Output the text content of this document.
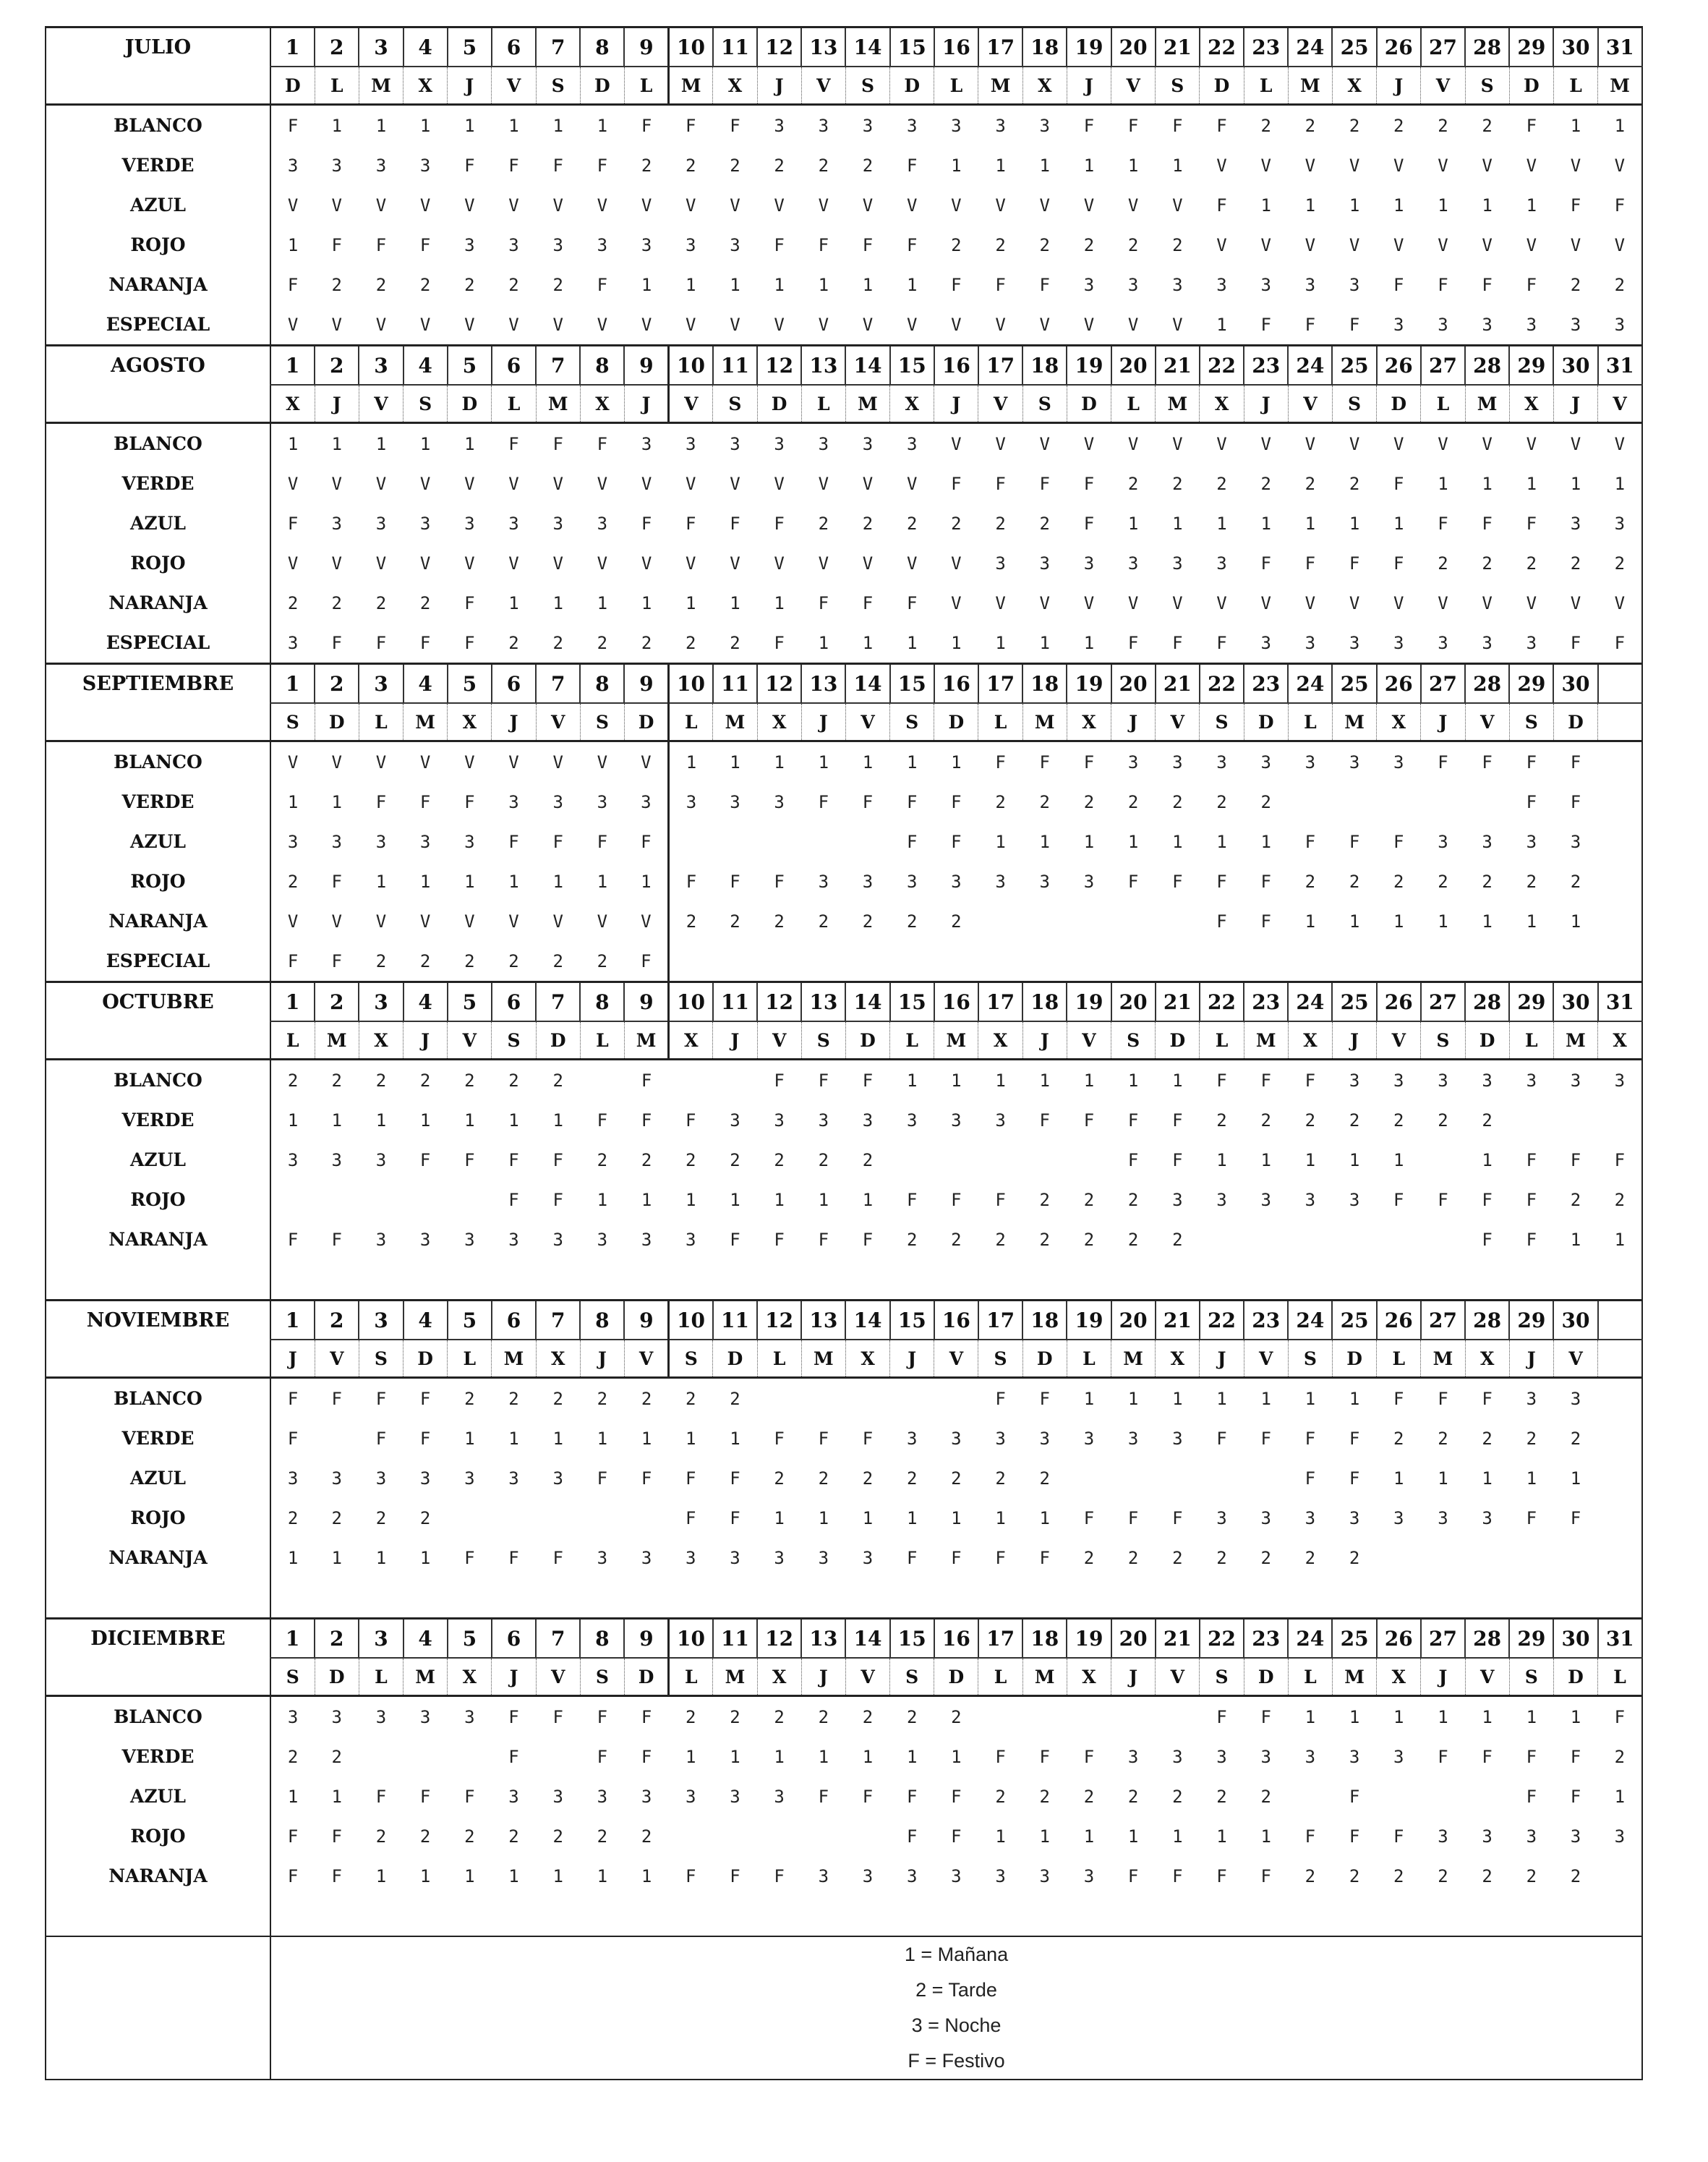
JULIO	1	2	3	4	5	6	7	8	9	10	11	12	13	14	15	16	17	18	19	20	21	22	23	24	25	26	27	28	29	30	31
	D	L	M	X	J	V	S	D	L	M	X	J	V	S	D	L	M	X	J	V	S	D	L	M	X	J	V	S	D	L	M
BLANCO	F	1	1	1	1	1	1	1	F	F	F	3	3	3	3	3	3	3	F	F	F	F	2	2	2	2	2	2	F	1	1
VERDE	3	3	3	3	F	F	F	F	2	2	2	2	2	2	F	1	1	1	1	1	1	V	V	V	V	V	V	V	V	V	V
AZUL	V	V	V	V	V	V	V	V	V	V	V	V	V	V	V	V	V	V	V	V	V	F	1	1	1	1	1	1	1	F	F
ROJO	1	F	F	F	3	3	3	3	3	3	3	F	F	F	F	2	2	2	2	2	2	V	V	V	V	V	V	V	V	V	V
NARANJA	F	2	2	2	2	2	2	F	1	1	1	1	1	1	1	F	F	F	3	3	3	3	3	3	3	F	F	F	F	2	2
ESPECIAL	V	V	V	V	V	V	V	V	V	V	V	V	V	V	V	V	V	V	V	V	V	1	F	F	F	3	3	3	3	3	3
AGOSTO	1	2	3	4	5	6	7	8	9	10	11	12	13	14	15	16	17	18	19	20	21	22	23	24	25	26	27	28	29	30	31
	X	J	V	S	D	L	M	X	J	V	S	D	L	M	X	J	V	S	D	L	M	X	J	V	S	D	L	M	X	J	V
BLANCO	1	1	1	1	1	F	F	F	3	3	3	3	3	3	3	V	V	V	V	V	V	V	V	V	V	V	V	V	V	V	V
VERDE	V	V	V	V	V	V	V	V	V	V	V	V	V	V	V	F	F	F	F	2	2	2	2	2	2	F	1	1	1	1	1
AZUL	F	3	3	3	3	3	3	3	F	F	F	F	2	2	2	2	2	2	F	1	1	1	1	1	1	1	F	F	F	3	3
ROJO	V	V	V	V	V	V	V	V	V	V	V	V	V	V	V	V	3	3	3	3	3	3	F	F	F	F	2	2	2	2	2
NARANJA	2	2	2	2	F	1	1	1	1	1	1	1	F	F	F	V	V	V	V	V	V	V	V	V	V	V	V	V	V	V	V
ESPECIAL	3	F	F	F	F	2	2	2	2	2	2	F	1	1	1	1	1	1	1	F	F	F	3	3	3	3	3	3	3	F	F
SEPTIEMBRE	1	2	3	4	5	6	7	8	9	10	11	12	13	14	15	16	17	18	19	20	21	22	23	24	25	26	27	28	29	30	
	S	D	L	M	X	J	V	S	D	L	M	X	J	V	S	D	L	M	X	J	V	S	D	L	M	X	J	V	S	D	
BLANCO	V	V	V	V	V	V	V	V	V	1	1	1	1	1	1	1	F	F	F	3	3	3	3	3	3	3	F	F	F	F	
VERDE	1	1	F	F	F	3	3	3	3	3	3	3	F	F	F	F	2	2	2	2	2	2	2						F	F	
AZUL	3	3	3	3	3	F	F	F	F						F	F	1	1	1	1	1	1	1	F	F	F	3	3	3	3	
ROJO	2	F	1	1	1	1	1	1	1	F	F	F	3	3	3	3	3	3	3	F	F	F	F	2	2	2	2	2	2	2	
NARANJA	V	V	V	V	V	V	V	V	V	2	2	2	2	2	2	2						F	F	1	1	1	1	1	1	1	
ESPECIAL	F	F	2	2	2	2	2	2	F																						
OCTUBRE	1	2	3	4	5	6	7	8	9	10	11	12	13	14	15	16	17	18	19	20	21	22	23	24	25	26	27	28	29	30	31
	L	M	X	J	V	S	D	L	M	X	J	V	S	D	L	M	X	J	V	S	D	L	M	X	J	V	S	D	L	M	X
BLANCO	2	2	2	2	2	2	2		F			F	F	F	1	1	1	1	1	1	1	F	F	F	3	3	3	3	3	3	3
VERDE	1	1	1	1	1	1	1	F	F	F	3	3	3	3	3	3	3	F	F	F	F	2	2	2	2	2	2	2			
AZUL	3	3	3	F	F	F	F	2	2	2	2	2	2	2						F	F	1	1	1	1	1		1	F	F	F
ROJO						F	F	1	1	1	1	1	1	1	F	F	F	2	2	2	3	3	3	3	3	F	F	F	F	2	2
NARANJA	F	F	3	3	3	3	3	3	3	3	F	F	F	F	2	2	2	2	2	2	2							F	F	1	1

NOVIEMBRE	1	2	3	4	5	6	7	8	9	10	11	12	13	14	15	16	17	18	19	20	21	22	23	24	25	26	27	28	29	30	
	J	V	S	D	L	M	X	J	V	S	D	L	M	X	J	V	S	D	L	M	X	J	V	S	D	L	M	X	J	V	
BLANCO	F	F	F	F	2	2	2	2	2	2	2						F	F	1	1	1	1	1	1	1	F	F	F	3	3	
VERDE	F		F	F	1	1	1	1	1	1	1	F	F	F	3	3	3	3	3	3	3	F	F	F	F	2	2	2	2	2	
AZUL	3	3	3	3	3	3	3	F	F	F	F	2	2	2	2	2	2	2						F	F	1	1	1	1	1	
ROJO	2	2	2	2						F	F	1	1	1	1	1	1	1	F	F	F	3	3	3	3	3	3	3	F	F	
NARANJA	1	1	1	1	F	F	F	3	3	3	3	3	3	3	F	F	F	F	2	2	2	2	2	2	2						

DICIEMBRE	1	2	3	4	5	6	7	8	9	10	11	12	13	14	15	16	17	18	19	20	21	22	23	24	25	26	27	28	29	30	31
	S	D	L	M	X	J	V	S	D	L	M	X	J	V	S	D	L	M	X	J	V	S	D	L	M	X	J	V	S	D	L
BLANCO	3	3	3	3	3	F	F	F	F	2	2	2	2	2	2	2						F	F	1	1	1	1	1	1	1	F
VERDE	2	2				F		F	F	1	1	1	1	1	1	1	F	F	F	3	3	3	3	3	3	3	F	F	F	F	2
AZUL	1	1	F	F	F	3	3	3	3	3	3	3	F	F	F	F	2	2	2	2	2	2	2		F				F	F	1
ROJO	F	F	2	2	2	2	2	2	2						F	F	1	1	1	1	1	1	1	F	F	F	3	3	3	3	3
NARANJA	F	F	1	1	1	1	1	1	1	F	F	F	3	3	3	3	3	3	3	F	F	F	F	2	2	2	2	2	2	2	

	1 = Mañana
2 = Tarde
3 = Noche
F = Festivo																														
